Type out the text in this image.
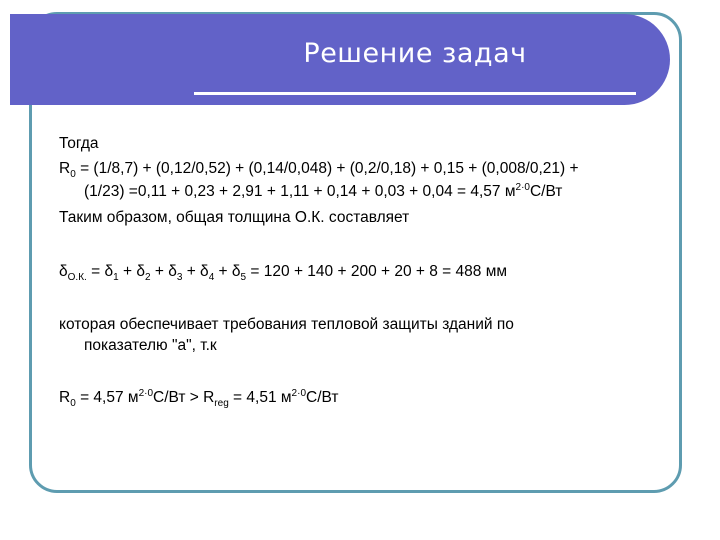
Решение задач
Тогда
$R_0 = (1/8,7) + (0,12/0,52) + (0,14/0,048) + (0,2/0,18) + 0,15 + (0,008/0,21)$ +
(1/23) =0,11 + 0,23 + 2,91 + 1,11 + 0,14 + 0,03 + 0,04 = 4,57 $м^{2\cdot 0}С/Вт$
Таким образом, общая толщина О.К. составляет
$\delta_{О.К.} = \delta_1 + \delta_2 + \delta_3 + \delta_4 + \delta_5 = 120 + 140 + 200 + 20 + 8 = 488$ мм
которая обеспечивает требования тепловой защиты зданий по
показателю "а", т.к
$R_0 = 4,57$ $м^{2\cdot 0}С/Вт > R_{reg} = 4,51$ $м^{2\cdot 0}С/Вт$
